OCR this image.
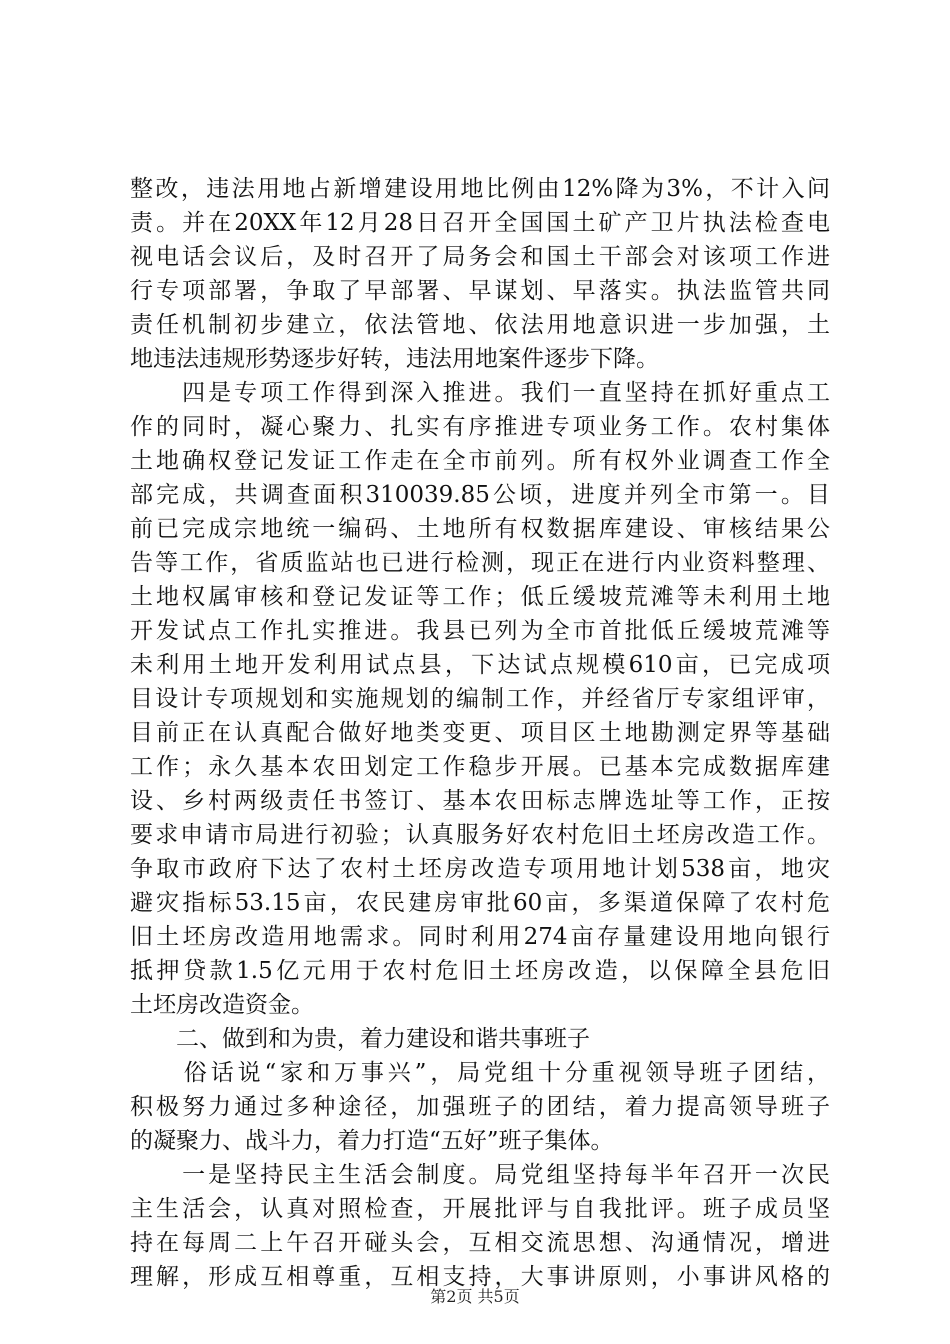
整改，违法用地占新增建设用地比例由12%降为3%，不计入问
责。并在20XX年12月28日召开全国国土矿产卫片执法检查电
视电话会议后，及时召开了局务会和国土干部会对该项工作进
行专项部署，争取了早部署、早谋划、早落实。执法监管共同
责任机制初步建立，依法管地、依法用地意识进一步加强，土
地违法违规形势逐步好转，违法用地案件逐步下降。
　　四是专项工作得到深入推进。我们一直坚持在抓好重点工
作的同时，凝心聚力、扎实有序推进专项业务工作。农村集体
土地确权登记发证工作走在全市前列。所有权外业调查工作全
部完成，共调查面积310039.85公顷，进度并列全市第一。目
前已完成宗地统一编码、土地所有权数据库建设、审核结果公
告等工作，省质监站也已进行检测，现正在进行内业资料整理、
土地权属审核和登记发证等工作；低丘缓坡荒滩等未利用土地
开发试点工作扎实推进。我县已列为全市首批低丘缓坡荒滩等
未利用土地开发利用试点县，下达试点规模610亩，已完成项
目设计专项规划和实施规划的编制工作，并经省厅专家组评审，
目前正在认真配合做好地类变更、项目区土地勘测定界等基础
工作；永久基本农田划定工作稳步开展。已基本完成数据库建
设、乡村两级责任书签订、基本农田标志牌选址等工作，正按
要求申请市局进行初验；认真服务好农村危旧土坯房改造工作。
争取市政府下达了农村土坯房改造专项用地计划538亩，地灾
避灾指标53.15亩，农民建房审批60亩，多渠道保障了农村危
旧土坯房改造用地需求。同时利用274亩存量建设用地向银行
抵押贷款1.5亿元用于农村危旧土坯房改造，以保障全县危旧
土坯房改造资金。
　　二、做到和为贵，着力建设和谐共事班子
　　俗话说“家和万事兴”，局党组十分重视领导班子团结，
积极努力通过多种途径，加强班子的团结，着力提高领导班子
的凝聚力、战斗力，着力打造“五好”班子集体。
　　一是坚持民主生活会制度。局党组坚持每半年召开一次民
主生活会，认真对照检查，开展批评与自我批评。班子成员坚
持在每周二上午召开碰头会，互相交流思想、沟通情况，增进
理解，形成互相尊重，互相支持，大事讲原则，小事讲风格的
第2页 共5页
